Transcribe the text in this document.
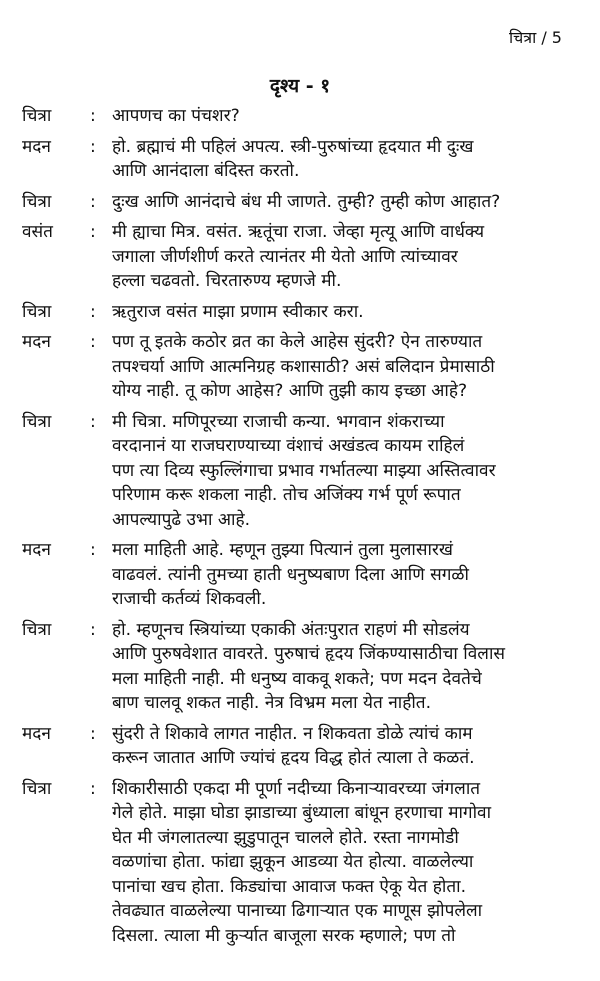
चित्रा / 5
दृश्य - १
चित्रा	: आपणच का पंचशर?
मदन	: हो. ब्रह्माचं मी पहिलं अपत्य. स्त्री-पुरुषांच्या हृदयात मी दुःख
आणि आनंदाला बंदिस्त करतो.
चित्रा	: दुःख आणि आनंदाचे बंध मी जाणते. तुम्ही? तुम्ही कोण आहात?
वसंत	: मी ह्याचा मित्र. वसंत. ऋतूंचा राजा. जेव्हा मृत्यू आणि वार्धक्य
जगाला जीर्णशीर्ण करते त्यानंतर मी येतो आणि त्यांच्यावर
हल्ला चढवतो. चिरतारुण्य म्हणजे मी.
चित्रा	: ऋतुराज वसंत माझा प्रणाम स्वीकार करा.
मदन	: पण तू इतके कठोर व्रत का केले आहेस सुंदरी? ऐन तारुण्यात
तपश्चर्या आणि आत्मनिग्रह कशासाठी? असं बलिदान प्रेमासाठी
योग्य नाही. तू कोण आहेस? आणि तुझी काय इच्छा आहे?
चित्रा	: मी चित्रा. मणिपूरच्या राजाची कन्या. भगवान शंकराच्या
वरदानानं या राजघराण्याच्या वंशाचं अखंडत्व कायम राहिलं
पण त्या दिव्य स्फुल्लिंगाचा प्रभाव गर्भातल्या माझ्या अस्तित्वावर
परिणाम करू शकला नाही. तोच अजिंक्य गर्भ पूर्ण रूपात
आपल्यापुढे उभा आहे.
मदन	: मला माहिती आहे. म्हणून तुझ्या पित्यानं तुला मुलासारखं
वाढवलं. त्यांनी तुमच्या हाती धनुष्यबाण दिला आणि सगळी
राजाची कर्तव्यं शिकवली.
चित्रा	: हो. म्हणूनच स्त्रियांच्या एकाकी अंतःपुरात राहणं मी सोडलंय
आणि पुरुषवेशात वावरते. पुरुषाचं हृदय जिंकण्यासाठीचा विलास
मला माहिती नाही. मी धनुष्य वाकवू शकते; पण मदन देवतेचे
बाण चालवू शकत नाही. नेत्र विभ्रम मला येत नाहीत.
मदन	: सुंदरी ते शिकावे लागत नाहीत. न शिकवता डोळे त्यांचं काम
करून जातात आणि ज्यांचं हृदय विद्ध होतं त्याला ते कळतं.
चित्रा	: शिकारीसाठी एकदा मी पूर्णा नदीच्या किनाऱ्यावरच्या जंगलात
गेले होते. माझा घोडा झाडाच्या बुंध्याला बांधून हरणाचा मागोवा
घेत मी जंगलातल्या झुडुपातून चालले होते. रस्ता नागमोडी
वळणांचा होता. फांद्या झुकून आडव्या येत होत्या. वाळलेल्या
पानांचा खच होता. किड्यांचा आवाज फक्त ऐकू येत होता.
तेवढ्यात वाळलेल्या पानाच्या ढिगाऱ्यात एक माणूस झोपलेला
दिसला. त्याला मी कुर्ऱ्यात बाजूला सरक म्हणाले; पण तो
